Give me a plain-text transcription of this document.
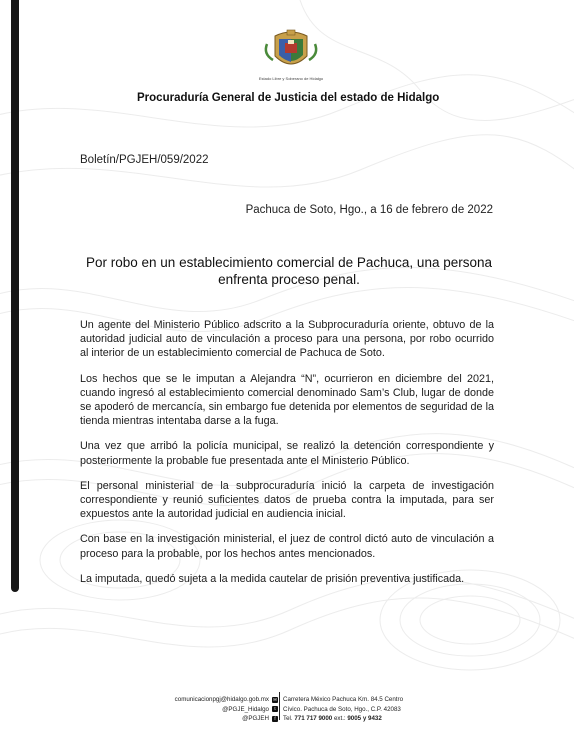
Estado Libre y Soberano de Hidalgo
Procuraduría General de Justicia del estado de Hidalgo
Boletín/PGJEH/059/2022
Pachuca de Soto, Hgo., a 16 de febrero de 2022
Por robo en un establecimiento comercial de Pachuca, una persona
enfrenta proceso penal.

Un agente del Ministerio Público adscrito a la Subprocuraduría oriente, obtuvo de la autoridad judicial auto de vinculación a proceso para una persona, por robo ocurrido al interior de un establecimiento comercial de Pachuca de Soto.

Los hechos que se le imputan a Alejandra “N”, ocurrieron en diciembre del 2021, cuando ingresó al establecimiento comercial denominado Sam’s Club, lugar de donde se apoderó de mercancía, sin embargo fue detenida por elementos de seguridad de la tienda mientras intentaba darse a la fuga.

Una vez que arribó la policía municipal, se realizó la detención correspondiente y posteriormente la probable fue presentada ante el Ministerio Público.

El personal ministerial de la subprocuraduría inició la carpeta de investigación correspondiente y reunió suficientes datos de prueba contra la imputada, para ser expuestos ante la autoridad judicial en audiencia inicial.

Con base en la investigación ministerial, el juez de control dictó auto de vinculación a proceso para la probable, por los hechos antes mencionados.

La imputada, quedó sujeta a la medida cautelar de prisión preventiva justificada.

comunicacionpgj@hidalgo.gob.mx ✉
@PGJE_Hidalgo	t
@PGJEH	f
Carretera México Pachuca Km. 84.5 Centro
Cívico. Pachuca de Soto, Hgo., C.P. 42083
Tel. 771 717 9000 ext.: 9005 y 9432
